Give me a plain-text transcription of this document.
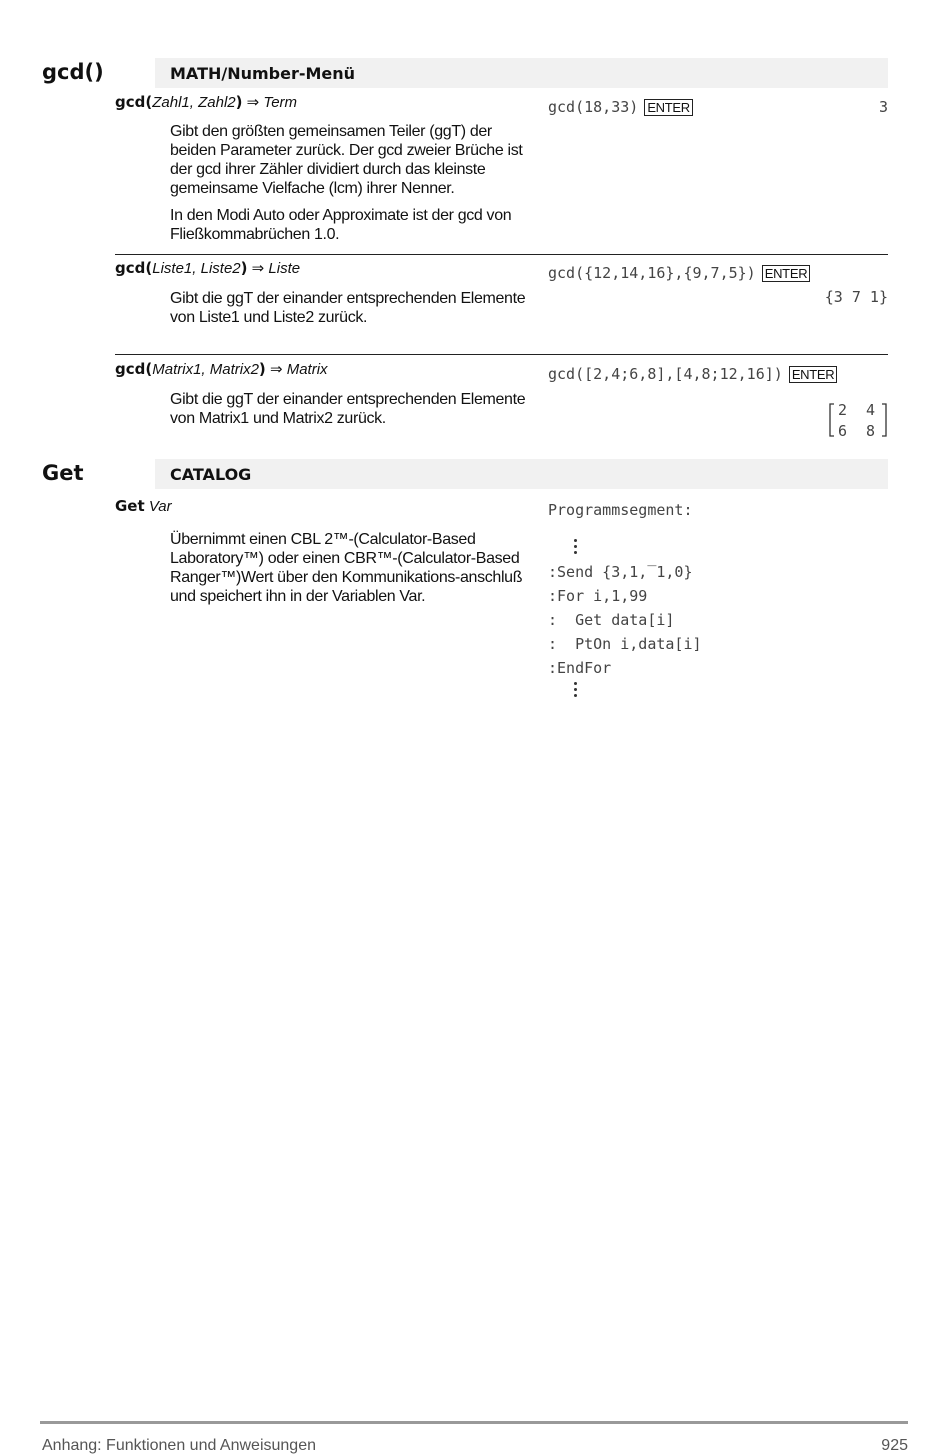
gcd()	MATH/Number-Menü
gcd(Zahl1, Zahl2) ⇒ Term

Gibt den größten gemeinsamen Teiler (ggT) der beiden Parameter zurück. Der gcd zweier Brüche ist der gcd ihrer Zähler dividiert durch das kleinste gemeinsame Vielfache (lcm) ihrer Nenner.

In den Modi Auto oder Approximate ist der gcd von Fließkommabrüchen 1.0.

gcd(18,33) ENTER	3
gcd(Liste1, Liste2) ⇒ Liste

Gibt die ggT der einander entsprechenden Elemente von Liste1 und Liste2 zurück.

gcd({12,14,16},{9,7,5}) ENTER
{3 7 1}
gcd(Matrix1, Matrix2) ⇒ Matrix

Gibt die ggT der einander entsprechenden Elemente von Matrix1 und Matrix2 zurück.

gcd([2,4;6,8],[4,8;12,16]) ENTER
2 4
6 8
Get	CATALOG
Get Var

Übernimmt einen CBL 2™-(Calculator-Based Laboratory™) oder einen CBR™-(Calculator-Based Ranger™)Wert über den Kommunikations-anschluß und speichert ihn in der Variablen Var.

Programmsegment:
:Send {3,1,‾1,0}
:For i,1,99
:  Get data[i]
:  PtOn i,data[i]
:EndFor
Anhang: Funktionen und Anweisungen	925
